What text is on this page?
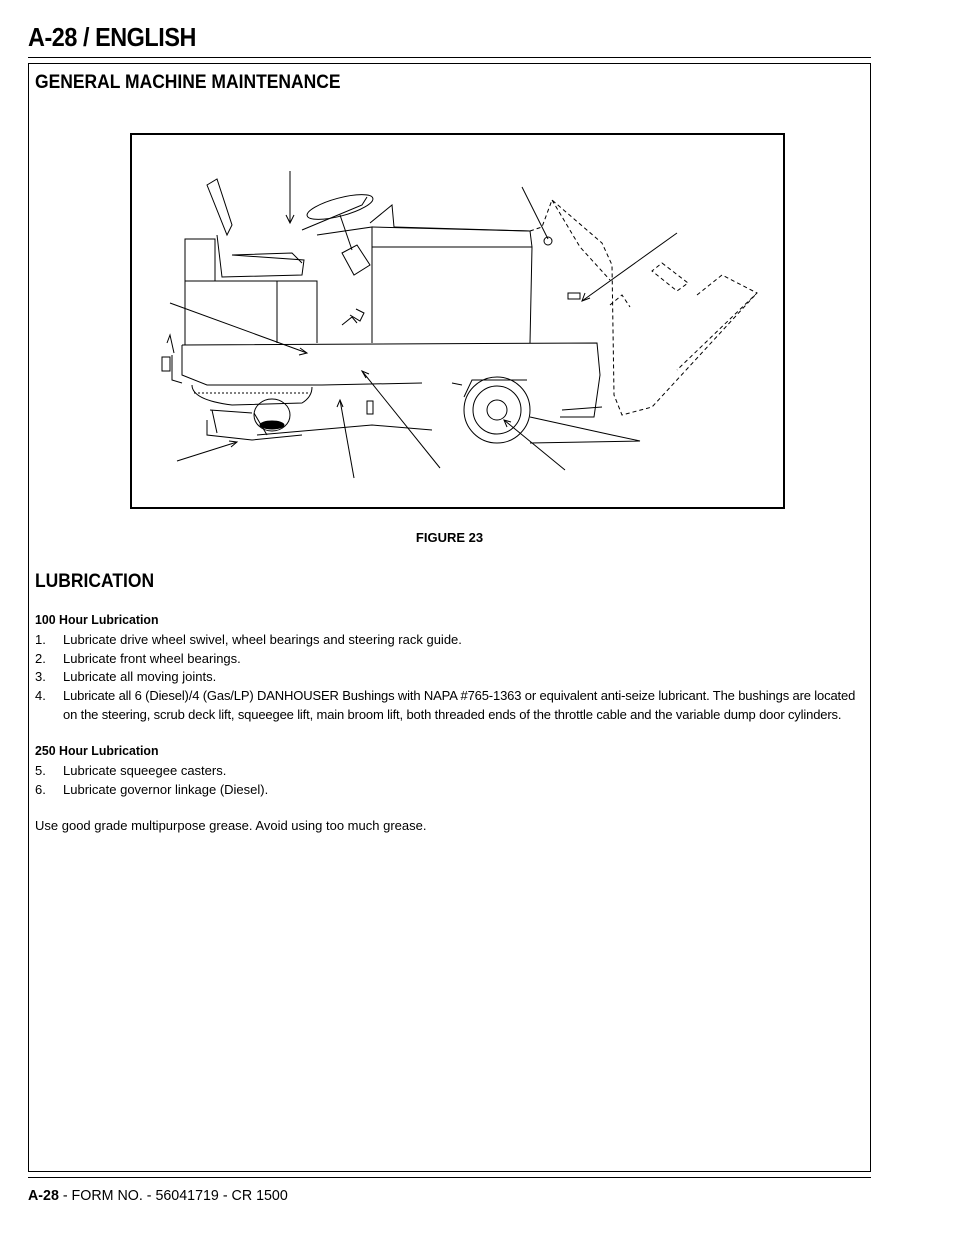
A-28 / ENGLISH
GENERAL MACHINE MAINTENANCE
FIGURE 23
LUBRICATION
100 Hour Lubrication
1. Lubricate drive wheel swivel, wheel bearings and steering rack guide.
2. Lubricate front wheel bearings.
3. Lubricate all moving joints.
4. Lubricate all 6 (Diesel)/4 (Gas/LP) DANHOUSER Bushings with NAPA #765-1363 or equivalent anti-seize lubricant. The bushings are located on the steering, scrub deck lift, squeegee lift, main broom lift, both threaded ends of the throttle cable and the variable dump door cylinders.
250 Hour Lubrication
5. Lubricate squeegee casters.
6. Lubricate governor linkage (Diesel).
Use good grade multipurpose grease. Avoid using too much grease.
A-28 - FORM NO. - 56041719 - CR 1500
